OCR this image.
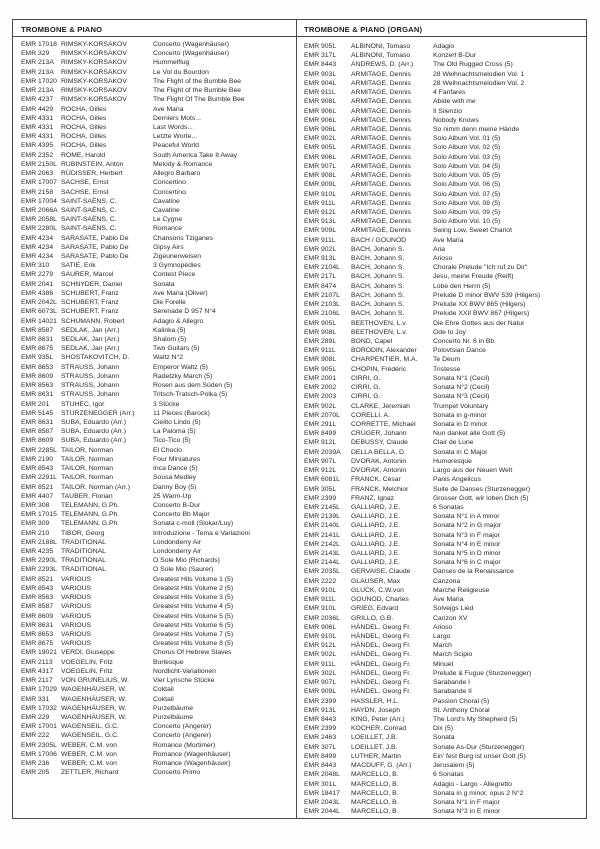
TROMBONE & PIANO
EMR 17018	RIMSKY-KORSAKOV	Concerto (Wagenhäuser)
EMR 329	RIMSKY-KORSAKOV	Concerto (Wagenhäuser)
EMR 213A	RIMSKY-KORSAKOV	Hummelflug
EMR 213A	RIMSKY-KORSAKOV	Le Vol du Bourdon
EMR 17020	RIMSKY-KORSAKOV	The Flight of the Bumble Bee
EMR 213A	RIMSKY-KORSAKOV	The Flight of the Bumble Bee
EMR 4237	RIMSKY-KORSAKOV	The Flight Of The Bumble Bee
EMR 4429	ROCHA, Gilles	Ave Maria
EMR 4331	ROCHA, Gilles	Derniers Mots...
EMR 4331	ROCHA, Gilles	Last Words...
EMR 4331	ROCHA, Gilles	Letzte Worte...
EMR 4395	ROCHA, Gilles	Peaceful World
EMR 2352	ROME, Harold	South America Take It Away
EMR 2150L	RUBINSTEIN, Anton	Melody & Romance
EMR 2063	RÜDISSER, Herbert	Allegro Barbaro
EMR 17007	SACHSE, Ernst	Concertino
EMR 2158	SACHSE, Ernst	Concertino
EMR 17004	SAINT-SAËNS, C.	Cavatine
EMR 2066A	SAINT-SAËNS, C.	Cavatine
EMR 2058L	SAINT-SAËNS, C.	Le Cygne
EMR 2280L	SAINT-SAËNS, C.	Romance
EMR 4234	SARASATE, Pablo De	Chansons Tziganes
EMR 4234	SARASATE, Pablo De	Gipsy Airs
EMR 4234	SARASATE, Pablo De	Zigeunerweisen
EMR 310	SATIE, Erik	3 Gymnopédies
EMR 2279	SAURER, Marcel	Contest Piece
EMR 2041	SCHNYDER, Daniel	Sonata
EMR 4386	SCHUBERT, Franz	Ave Maria (Oliver)
EMR 2042L	SCHUBERT, Franz	Die Forelle
EMR 6073L	SCHUBERT, Franz	Serenade D 957 N°4
EMR 14021	SCHUMANN, Robert	Adagio & Allegro
EMR 8587	SEDLAK, Jan (Arr.)	Kalinka (5)
EMR 8631	SEDLAK, Jan (Arr.)	Shalom (5)
EMR 8675	SEDLAK, Jan (Arr.)	Two Guitars (5)
EMR 935L	SHOSTAKOVITCH, D.	Waltz N°2
EMR 8653	STRAUSS, Johann	Emperor Waltz (5)
EMR 8609	STRAUSS, Johann	Radetzky March (5)
EMR 8563	STRAUSS, Johann	Rosen aus dem Süden (5)
EMR 8631	STRAUSS, Johann	Tritsch-Tratsch-Polka (5)
EMR 201	STUHEC, Igor	3 Stücke
EMR 5145	STURZENEGGER (Arr.)	11 Pieces (Barock)
EMR 8631	SUBA, Eduardo (Arr.)	Cielito Lindo (5)
EMR 8587	SUBA, Eduardo (Arr.)	La Paloma (5)
EMR 8609	SUBA, Eduardo (Arr.)	Tico-Tico (5)
EMR 2285L	TAILOR, Norman	El Choclo
EMR 2190	TAILOR, Norman	Four Miniatures
EMR 8543	TAILOR, Norman	Inca Dance (5)
EMR 2291L	TAILOR, Norman	Sousa Medley
EMR 8521	TAILOR, Norman (Arr.)	Danny Boy (5)
EMR 4407	TAUBER, Florian	25 Warm-Up
EMR 308	TELEMANN, G.Ph.	Concerto B-Dur
EMR 17015	TELEMANN, G.Ph.	Concerto Bb Major
EMR 309	TELEMANN, G.Ph.	Sonata c-moll (Slokar/Luy)
EMR 210	TIBOR, Georg	Introduzione - Tema e Variazioni
EMR 2188L	TRADITIONAL	Londonderry Air
EMR 4235	TRADITIONAL	Londonderry Air
EMR 2290L	TRADITIONAL	O Sole Mio (Richards)
EMR 2293L	TRADITIONAL	O Sole Mio (Saurer)
EMR 8521	VARIOUS	Greatest Hits Volume 1 (5)
EMR 8543	VARIOUS	Greatest Hits Volume 2 (5)
EMR 8563	VARIOUS	Greatest Hits Volume 3 (5)
EMR 8587	VARIOUS	Greatest Hits Volume 4 (5)
EMR 8609	VARIOUS	Greatest Hits Volume 5 (5)
EMR 8631	VARIOUS	Greatest Hits Volume 6 (5)
EMR 8653	VARIOUS	Greatest Hits Volume 7 (5)
EMR 8675	VARIOUS	Greatest Hits Volume 8 (5)
EMR 19021	VERDI, Giuseppe	Chorus Of Hebrew Slaves
EMR 2113	VOEGELIN, Fritz	Burlesque
EMR 4317	VOEGELIN, Fritz	Nordlicht-Variationen
EMR 2117	VON GRUNELIUS, W.	Vier Lyrische Stücke
EMR 17029	WAGENHÄUSER, W.	Coktail
EMR 331	WAGENHÄUSER, W.	Coktail
EMR 17032	WAGENHÄUSER, W.	Purzelbäume
EMR 229	WAGENHÄUSER, W.	Purzelbäume
EMR 17001	WAGENSEIL, G.C.	Concerto (Angerer)
EMR 222	WAGENSEIL, G.C.	Concerto (Angerer)
EMR 2305L	WEBER, C.M. von	Romance (Mortimer)
EMR 17006	WEBER, C.M. von	Romance (Wagenhäuser)
EMR 236	WEBER, C.M. von	Romance (Wagenhäuser)
EMR 205	ZETTLER, Richard	Concerto Primo
TROMBONE & PIANO (ORGAN)
EMR 905L	ALBINONI, Tomaso	Adagio
EMR 317L	ALBINONI, Tomaso	Konzert B-Dur
EMR 8443	ANDREWS, D. (Arr.)	The Old Rugged Cross (5)
EMR 903L	ARMITAGE, Dennis	28 Weihnachtsmelodien Vol. 1
EMR 904L	ARMITAGE, Dennis	28 Weihnachtsmelodien Vol. 2
EMR 911L	ARMITAGE, Dennis	4 Fanfares
EMR 908L	ARMITAGE, Dennis	Abide with me
EMR 906L	ARMITAGE, Dennis	Il Silenzio
EMR 906L	ARMITAGE, Dennis	Nobody Knows
EMR 906L	ARMITAGE, Dennis	So nimm denn meine Hände
EMR 902L	ARMITAGE, Dennis	Solo Album Vol. 01 (5)
EMR 905L	ARMITAGE, Dennis	Solo Album Vol. 02 (5)
EMR 906L	ARMITAGE, Dennis	Solo Album Vol. 03 (5)
EMR 907L	ARMITAGE, Dennis	Solo Album Vol. 04 (5)
EMR 908L	ARMITAGE, Dennis	Solo Album Vol. 05 (5)
EMR 909L	ARMITAGE, Dennis	Solo Album Vol. 06 (5)
EMR 910L	ARMITAGE, Dennis	Solo Album Vol. 07 (5)
EMR 911L	ARMITAGE, Dennis	Solo Album Vol. 08 (5)
EMR 912L	ARMITAGE, Dennis	Solo Album Vol. 09 (5)
EMR 913L	ARMITAGE, Dennis	Solo Album Vol. 10 (5)
EMR 909L	ARMITAGE, Dennis	Swing Low, Sweet Chariot
EMR 911L	BACH / GOUNOD	Ave Maria
EMR 902L	BACH, Johann S.	Aria
EMR 913L	BACH, Johann S.	Arioso
EMR 2104L	BACH, Johann S.	Chorale Prelude "Ich ruf zu Dir"
EMR 217L	BACH, Johann S.	Jesu, meine Freude (Reift)
EMR 8474	BACH, Johann S.	Lobe den Herrn (5)
EMR 2107L	BACH, Johann S.	Prelude D minor BWV 539 (Hilgers)
EMR 2103L	BACH, Johann S.	Prelude XX BWV 865 (Hilgers)
EMR 2106L	BACH, Johann S.	Prelude XXII BWV 867 (Hilgers)
EMR 905L	BEETHOVEN, L.v.	Die Ehre Gottes aus der Natur
EMR 908L	BEETHOVEN, L.v.	Ode to Joy
EMR 289L	BOND, Capel	Concerto Nr. 6 in Bb
EMR 911L	BORODIN, Alexander	Polovtsian Dance
EMR 908L	CHARPENTIER, M.A.	Te Deum
EMR 905L	CHOPIN, Frédéric	Tristesse
EMR 2001	CIRRI, G.	Sonata N°1 (Cecil)
EMR 2002	CIRRI, G.	Sonata N°2 (Cecil)
EMR 2003	CIRRI, G.	Sonata N°3 (Cecil)
EMR 902L	CLARKE, Jeremiah	Trumpet Voluntary
EMR 2070L	CORELLI, A.	Sonata in g-minor
EMR 291L	CORRETTE, Michael	Sonata in D minor
EMR 8499	CRÜGER, Johann	Nun danket alle Gott (5)
EMR 912L	DEBUSSY, Claude	Clair de Lune
EMR 2039A	DELLA BELLA, D.	Sonata in C Major
EMR 907L	DVORAK, Antonin	Humoresque
EMR 912L	DVORAK, Antonin	Largo aus der Neuen Welt
EMR 6081L	FRANCK, César	Panis Angelicus
EMR 305L	FRANCK, Melchior	Suite de Danses (Sturzenegger)
EMR 2399	FRANZ, Ignaz	Grosser Gott, wir loben Dich (5)
EMR 2145L	GALLIARD, J.E.	6 Sonatas
EMR 2139L	GALLIARD, J.E.	Sonata N°1 in A minor
EMR 2140L	GALLIARD, J.E.	Sonata N°2 in G major
EMR 2141L	GALLIARD, J.E.	Sonata N°3 in F major
EMR 2142L	GALLIARD, J.E.	Sonata N°4 in E minor
EMR 2143L	GALLIARD, J.E.	Sonata N°5 in D minor
EMR 2144L	GALLIARD, J.E.	Sonata N°6 in C major
EMR 2035L	GERVAISE, Claude	Danses de la Renaissance
EMR 2222	GLAUSER, Max	Canzona
EMR 910L	GLUCK, C.W.von	Marche Religieuse
EMR 911L	GOUNOD, Charles	Ave Maria
EMR 910L	GRIEG, Edvard	Solvejgs Lied
EMR 2036L	GRILLO, G.B.	Canzon XV
EMR 906L	HÄNDEL, Georg Fr.	Arioso
EMR 910L	HÄNDEL, Georg Fr.	Largo
EMR 912L	HÄNDEL, Georg Fr.	March
EMR 902L	HÄNDEL, Georg Fr.	March Scipio
EMR 911L	HÄNDEL, Georg Fr.	Minuet
EMR 302L	HÄNDEL, Georg Fr.	Prelude & Fugue (Sturzenegger)
EMR 907L	HÄNDEL, Georg Fr.	Sarabande I
EMR 909L	HÄNDEL, Georg Fr.	Sarabande II
EMR 2399	HASSLER, H.L.	Passion Choral (5)
EMR 913L	HAYDN, Joseph	St. Anthony Choral
EMR 8443	KING, Peter (Arr.)	The Lord's My Shepherd (5)
EMR 2399	KOCHER, Conrad	Dix (5)
EMR 2463	LOEILLET, J.B.	Sonata
EMR 307L	LOEILLET, J.B.	Sonate As-Dur (Sturzenegger)
EMR 8499	LUTHER, Martin	Ein' fest Burg ist unser Gott (5)
EMR 8443	MACDUFF, G. (Arr.)	Jerusalem (5)
EMR 2048L	MARCELLO, B.	6 Sonatas
EMR 301L	MARCELLO, B.	Adagio - Largo - Allegretto
EMR 18417	MARCELLO, B.	Sonata in g minor, opus 2 N°2
EMR 2043L	MARCELLO, B.	Sonata N°1 in F major
EMR 2044L	MARCELLO, B.	Sonata N°2 in E minor
